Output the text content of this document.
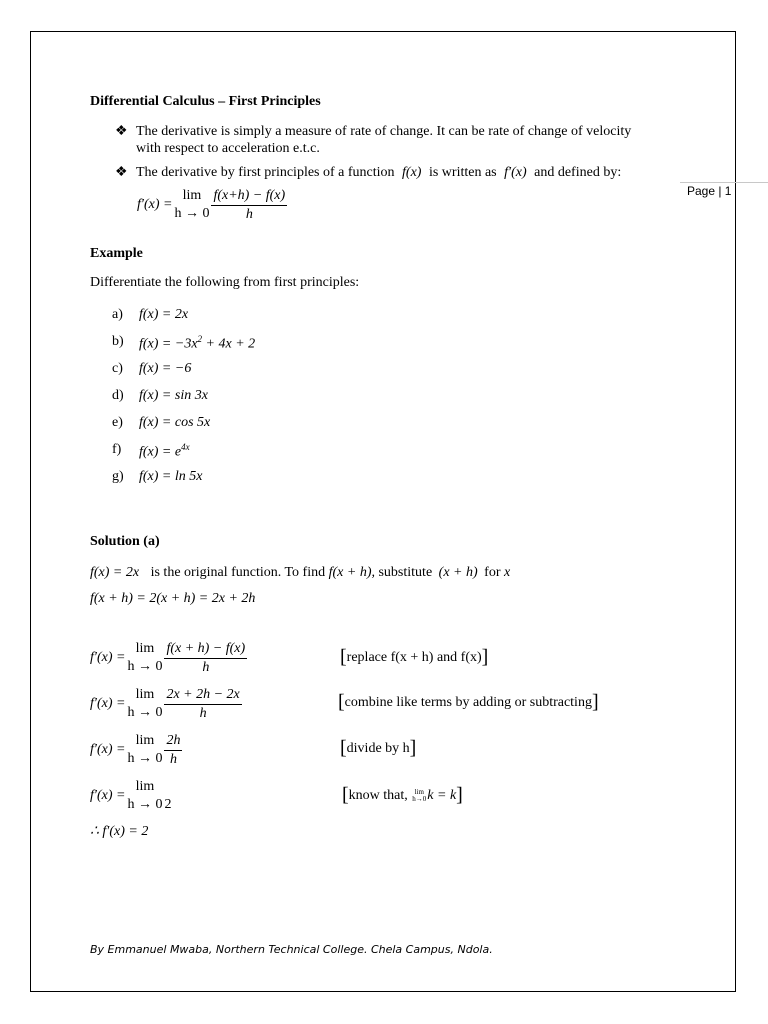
Page | 1
Differential Calculus – First Principles
❖ The derivative is simply a measure of rate of change. It can be rate of change of velocity
with respect to acceleration e.t.c.
❖ The derivative by first principles of a function f(x) is written as f′(x) and defined by:
f′(x) =
lim
$h \to 0 \frac{f(x+h) - f(x)}{h}$
Example
Differentiate the following from first principles:
a) f(x) = 2x
b) $f(x) = -3x^2 + 4x + 2$
c) f(x) = −6
d) f(x) = sin 3x
e) f(x) = cos 5x
f) $f(x) = e^{4x}$
g) f(x) = ln 5x
Solution (a)
f(x) = 2x is the original function. To find f(x + h), substitute (x + h) for x
f(x + h) = 2(x + h) = 2x + 2h
f′(x) =
lim
$h \to 0 \frac{f(x + h) - f(x)}{h}$	[replace f(x + h) and f(x)]
f′(x) =
lim
$h \to 0 \frac{2x + 2h - 2x}{h}$	[combine like terms by adding or subtracting]
f′(x) =
lim
$h \to 0 \frac{2h}{h}$	[divide by h]
f′(x) =
lim
h → 0 2	[know that, lim
h→0 k = k]
∴ f′(x) = 2
By Emmanuel Mwaba, Northern Technical College. Chela Campus, Ndola.
